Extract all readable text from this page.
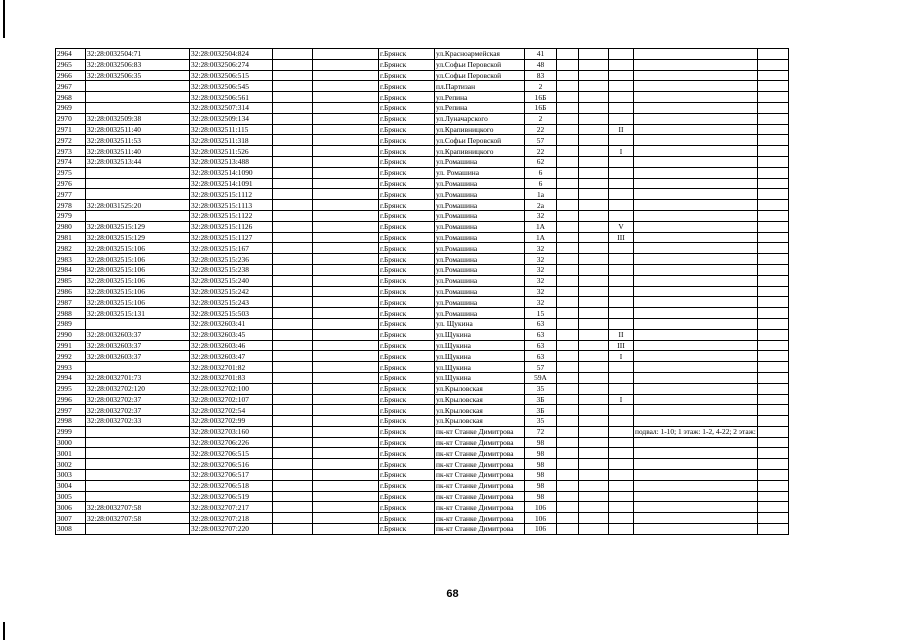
2964	32:28:0032504:71	32:28:0032504:824			г.Брянск	ул.Красноармейская	41					
2965	32:28:0032506:83	32:28:0032506:274			г.Брянск	ул.Софьи Перовской	48					
2966	32:28:0032506:35	32:28:0032506:515			г.Брянск	ул.Софьи Перовской	83					
2967		32:28:0032506:545			г.Брянск	пл.Партизан	2					
2968		32:28:0032506:561			г.Брянск	ул.Репина	16Б					
2969		32:28:0032507:314			г.Брянск	ул.Репина	16Б					
2970	32:28:0032509:38	32:28:0032509:134			г.Брянск	ул.Луначарского	2					
2971	32:28:0032511:40	32:28:0032511:115			г.Брянск	ул.Крапивницкого	22			II		
2972	32:28:0032511:53	32:28:0032511:318			г.Брянск	ул.Софьи Перовской	57					
2973	32:28:0032511:40	32:28:0032511:526			г.Брянск	ул.Крапивницкого	22			I		
2974	32:28:0032513:44	32:28:0032513:488			г.Брянск	ул.Ромашина	62					
2975		32:28:0032514:1090			г.Брянск	ул. Ромашина	6					
2976		32:28:0032514:1091			г.Брянск	ул.Ромашина	6					
2977		32:28:0032515:1112			г.Брянск	ул.Ромашина	1а					
2978	32:28:0031525:20	32:28:0032515:1113			г.Брянск	ул.Ромашина	2а					
2979		32:28:0032515:1122			г.Брянск	ул.Ромашина	32					
2980	32:28:0032515:129	32:28:0032515:1126			г.Брянск	ул.Ромашина	1А			V		
2981	32:28:0032515:129	32:28:0032515:1127			г.Брянск	ул.Ромашина	1А			III		
2982	32:28:0032515:106	32:28:0032515:167			г.Брянск	ул.Ромашина	32					
2983	32:28:0032515:106	32:28:0032515:236			г.Брянск	ул.Ромашина	32					
2984	32:28:0032515:106	32:28:0032515:238			г.Брянск	ул.Ромашина	32					
2985	32:28:0032515:106	32:28:0032515:240			г.Брянск	ул.Ромашина	32					
2986	32:28:0032515:106	32:28:0032515:242			г.Брянск	ул.Ромашина	32					
2987	32:28:0032515:106	32:28:0032515:243			г.Брянск	ул.Ромашина	32					
2988	32:28:0032515:131	32:28:0032515:503			г.Брянск	ул.Ромашина	15					
2989		32:28:0032603:41			г.Брянск	ул. Щукина	63					
2990	32:28:0032603:37	32:28:0032603:45			г.Брянск	ул.Щукина	63			II		
2991	32:28:0032603:37	32:28:0032603:46			г.Брянск	ул.Щукина	63			III		
2992	32:28:0032603:37	32:28:0032603:47			г.Брянск	ул.Щукина	63			I		
2993		32:28:0032701:82			г.Брянск	ул.Щукина	57					
2994	32:28:0032701:73	32:28:0032701:83			г.Брянск	ул.Щукина	59А					
2995	32:28:0032702:120	32:28:0032702:100			г.Брянск	ул.Крыловская	35					
2996	32:28:0032702:37	32:28:0032702:107			г.Брянск	ул.Крыловская	3Б			I		
2997	32:28:0032702:37	32:28:0032702:54			г.Брянск	ул.Крыловская	3Б					
2998	32:28:0032702:33	32:28:0032702:99			г.Брянск	ул.Крыловская	35					
2999		32:28:0032703:160			г.Брянск	пк-кт Станке Димитрова	72				подвал: 1-10; 1 этаж: 1-2, 4-22; 2 этаж:	
3000		32:28:0032706:226			г.Брянск	пк-кт Станке Димитрова	98					
3001		32:28:0032706:515			г.Брянск	пк-кт Станке Димитрова	98					
3002		32:28:0032706:516			г.Брянск	пк-кт Станке Димитрова	98					
3003		32:28:0032706:517			г.Брянск	пк-кт Станке Димитрова	98					
3004		32:28:0032706:518			г.Брянск	пк-кт Станке Димитрова	98					
3005		32:28:0032706:519			г.Брянск	пк-кт Станке Димитрова	98					
3006	32:28:0032707:58	32:28:0032707:217			г.Брянск	пк-кт Станке Димитрова	106					
3007	32:28:0032707:58	32:28:0032707:218			г.Брянск	пк-кт Станке Димитрова	106					
3008		32:28:0032707:220			г.Брянск	пк-кт Станке Димитрова	106					
68
